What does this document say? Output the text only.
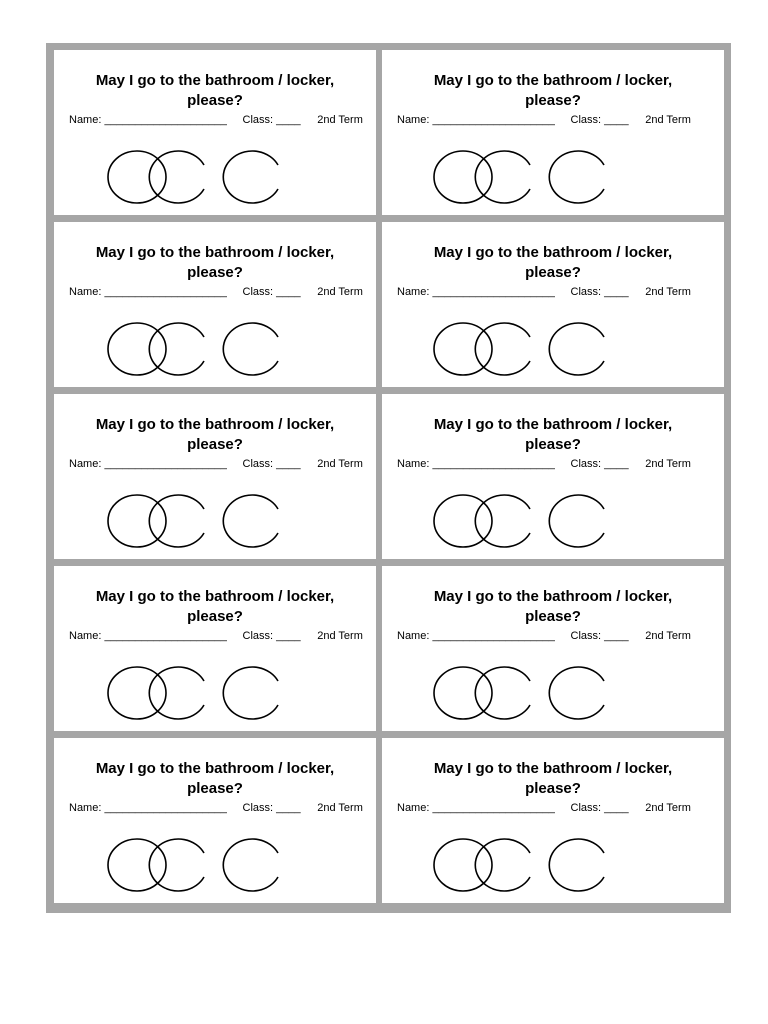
May I go to the bathroom / locker,
please?

Name: ____________________ Class: ____ 2nd Term

May I go to the bathroom / locker,
please?

Name: ____________________ Class: ____ 2nd Term

May I go to the bathroom / locker,
please?

Name: ____________________ Class: ____ 2nd Term

May I go to the bathroom / locker,
please?

Name: ____________________ Class: ____ 2nd Term

May I go to the bathroom / locker,
please?

Name: ____________________ Class: ____ 2nd Term

May I go to the bathroom / locker,
please?

Name: ____________________ Class: ____ 2nd Term

May I go to the bathroom / locker,
please?

Name: ____________________ Class: ____ 2nd Term

May I go to the bathroom / locker,
please?

Name: ____________________ Class: ____ 2nd Term

May I go to the bathroom / locker,
please?

Name: ____________________ Class: ____ 2nd Term

May I go to the bathroom / locker,
please?

Name: ____________________ Class: ____ 2nd Term
